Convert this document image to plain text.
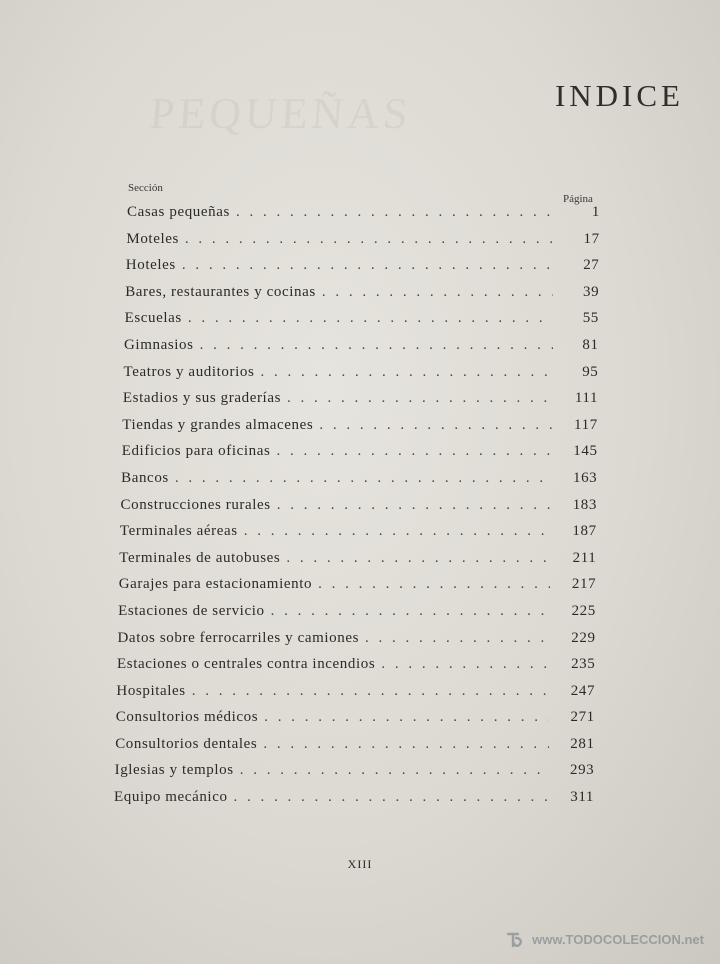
PEQUEÑAS	INDICE
Sección
Página
Casas pequeñas . . .	1
Moteles . . .	17
Hoteles . . .	27
Bares, restaurantes y cocinas . . .	39
Escuelas . . .	55
Gimnasios . . .	81
Teatros y auditorios . . .	95
Estadios y sus graderías . . .	111
Tiendas y grandes almacenes . . .	117
Edificios para oficinas . . .	145
Bancos . . .	163
Construcciones rurales . . .	183
Terminales aéreas . . .	187
Terminales de autobuses . . .	211
Garajes para estacionamiento . . .	217
Estaciones de servicio . . .	225
Datos sobre ferrocarriles y camiones . . .	229
Estaciones o centrales contra incendios . . .	235
Hospitales . . .	247
Consultorios médicos . . .	271
Consultorios dentales . . .	281
Iglesias y templos . . .	293
Equipo mecánico . . .	311
XIII
www.TODOCOLECCION.net
